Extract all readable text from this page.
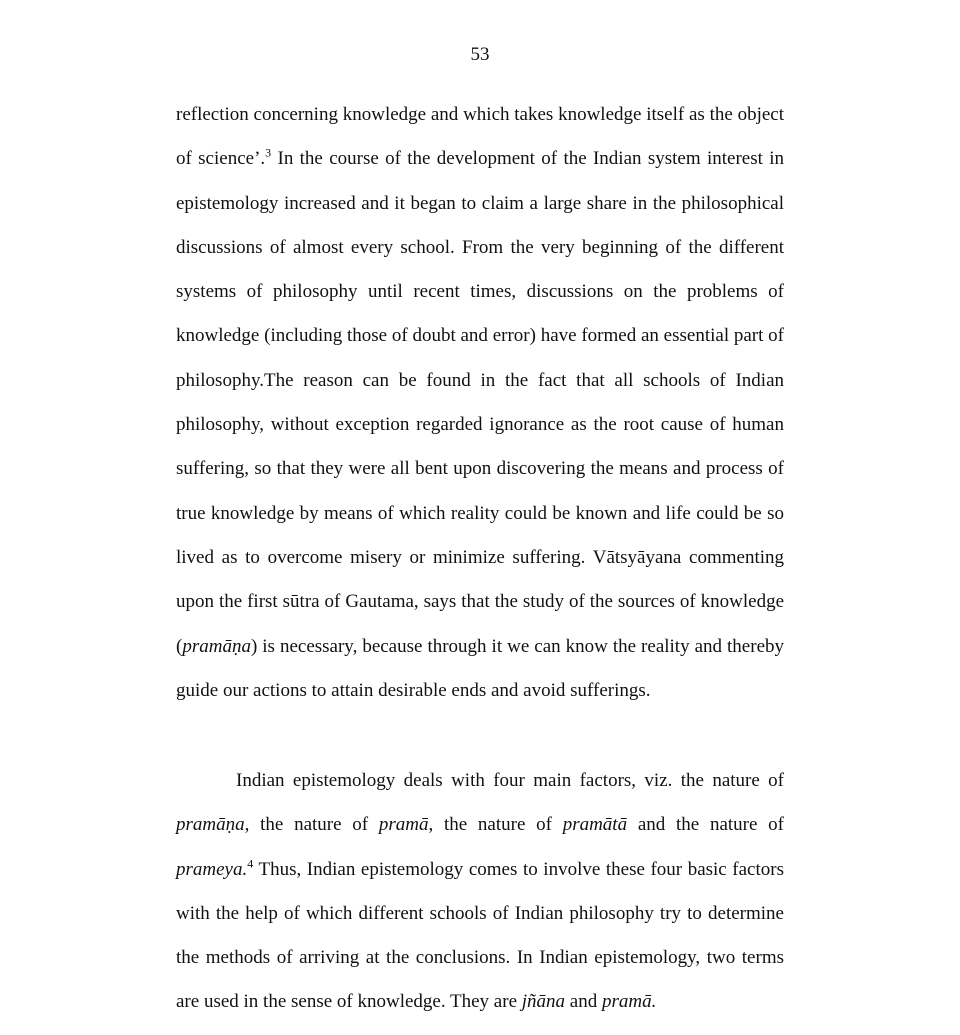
53

reflection concerning knowledge and which takes knowledge itself as the object of science’.$^3$ In the course of the development of the Indian system interest in epistemology increased and it began to claim a large share in the philosophical discussions of almost every school. From the very beginning of the different systems of philosophy until recent times, discussions on the problems of knowledge (including those of doubt and error) have formed an essential part of philosophy.The reason can be found in the fact that all schools of Indian philosophy, without exception regarded ignorance as the root cause of human suffering, so that they were all bent upon discovering the means and process of true knowledge by means of which reality could be known and life could be so lived as to overcome misery or minimize suffering. Vātsyāyana commenting upon the first sūtra of Gautama, says that the study of the sources of knowledge (pramāṇa) is necessary, because through it we can know the reality and thereby guide our actions to attain desirable ends and avoid sufferings.

Indian epistemology deals with four main factors, viz. the nature of pramāṇa, the nature of pramā, the nature of pramātā and the nature of prameya.$^4$ Thus, Indian epistemology comes to involve these four basic factors with the help of which different schools of Indian philosophy try to determine the methods of arriving at the conclusions. In Indian epistemology, two terms are used in the sense of knowledge. They are jñāna and pramā.
